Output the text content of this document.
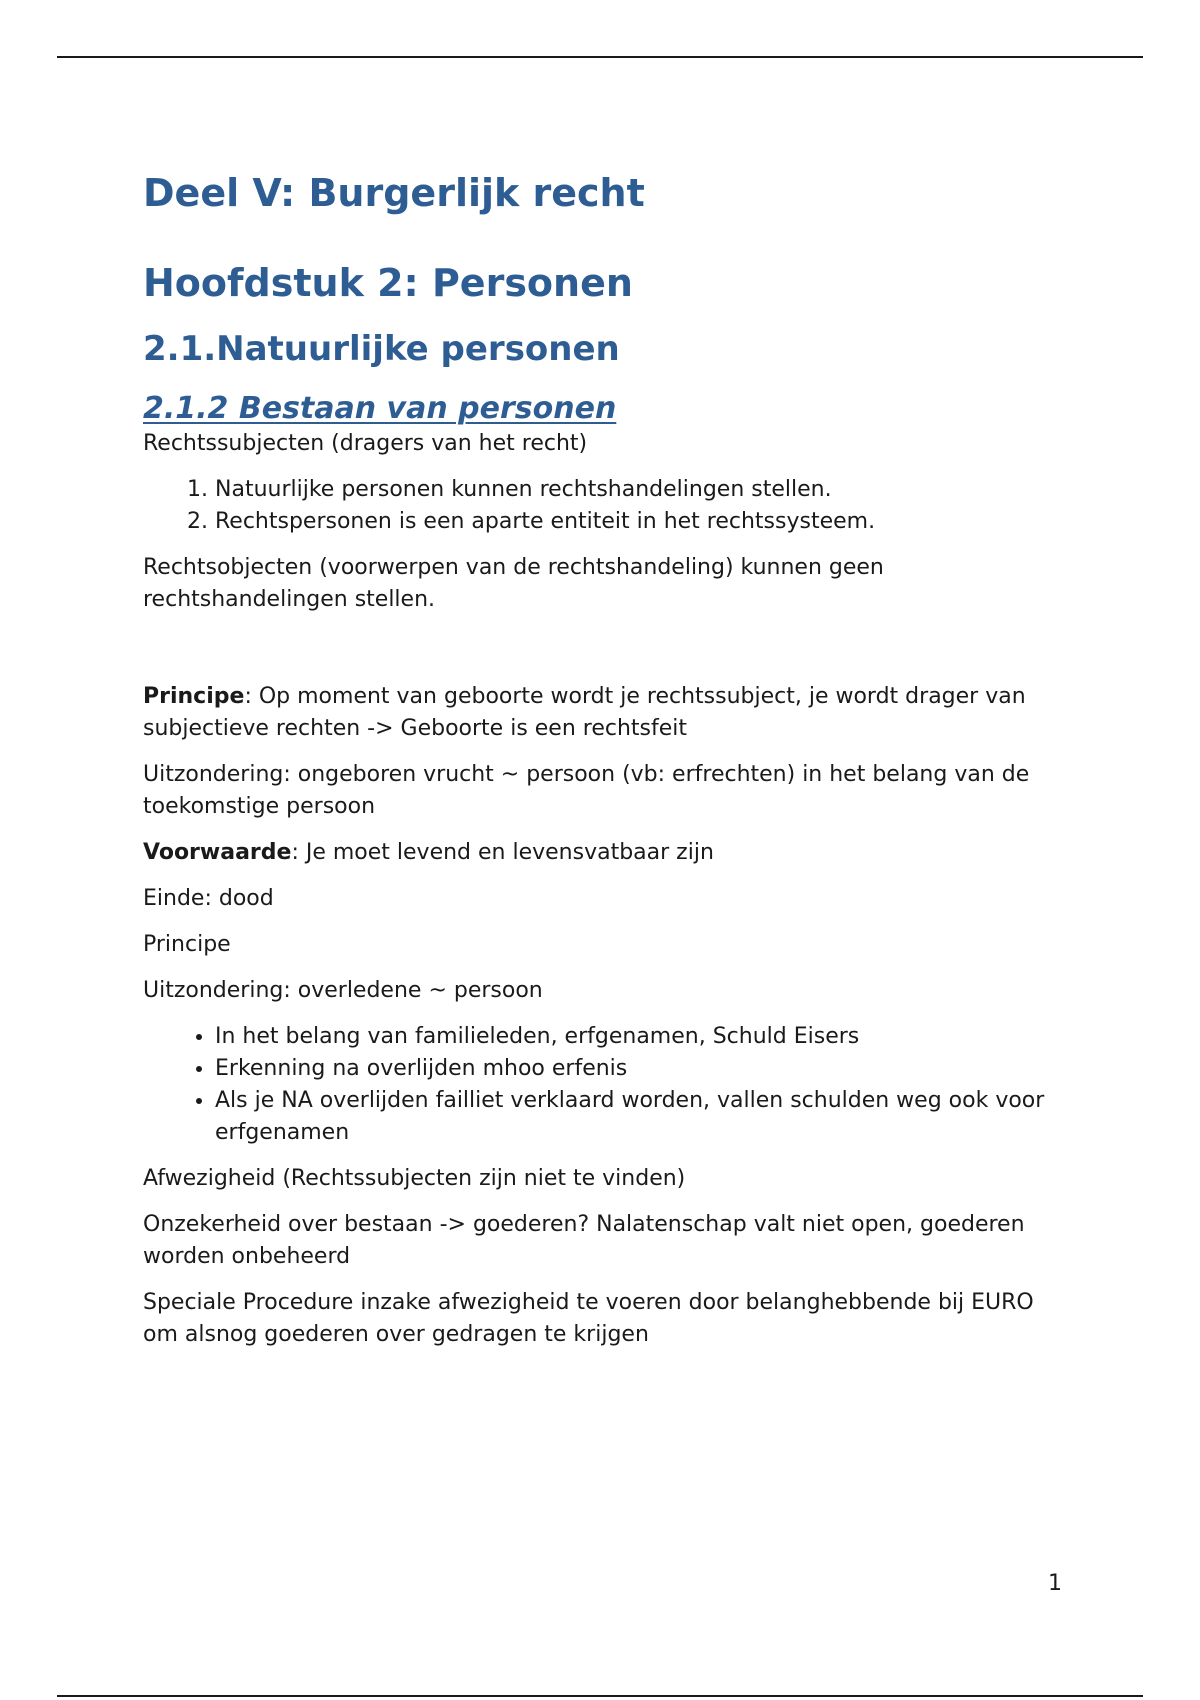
Deel V: Burgerlijk recht
Hoofdstuk 2: Personen
2.1.Natuurlijke personen
2.1.2 Bestaan van personen

Rechtssubjecten (dragers van het recht)

1. Natuurlijke personen kunnen rechtshandelingen stellen.
2. Rechtspersonen is een aparte entiteit in het rechtssysteem.

Rechtsobjecten (voorwerpen van de rechtshandeling) kunnen geen rechtshandelingen stellen.

Principe: Op moment van geboorte wordt je rechtssubject, je wordt drager van subjectieve rechten -> Geboorte is een rechtsfeit

Uitzondering: ongeboren vrucht ~ persoon (vb: erfrechten) in het belang van de toekomstige persoon

Voorwaarde: Je moet levend en levensvatbaar zijn

Einde: dood

Principe

Uitzondering: overledene ~ persoon

• In het belang van familieleden, erfgenamen, Schuld Eisers
• Erkenning na overlijden mhoo erfenis
• Als je NA overlijden failliet verklaard worden, vallen schulden weg ook voor erfgenamen

Afwezigheid (Rechtssubjecten zijn niet te vinden)

Onzekerheid over bestaan -> goederen? Nalatenschap valt niet open, goederen worden onbeheerd

Speciale Procedure inzake afwezigheid te voeren door belanghebbende bij EURO om alsnog goederen over gedragen te krijgen

1
